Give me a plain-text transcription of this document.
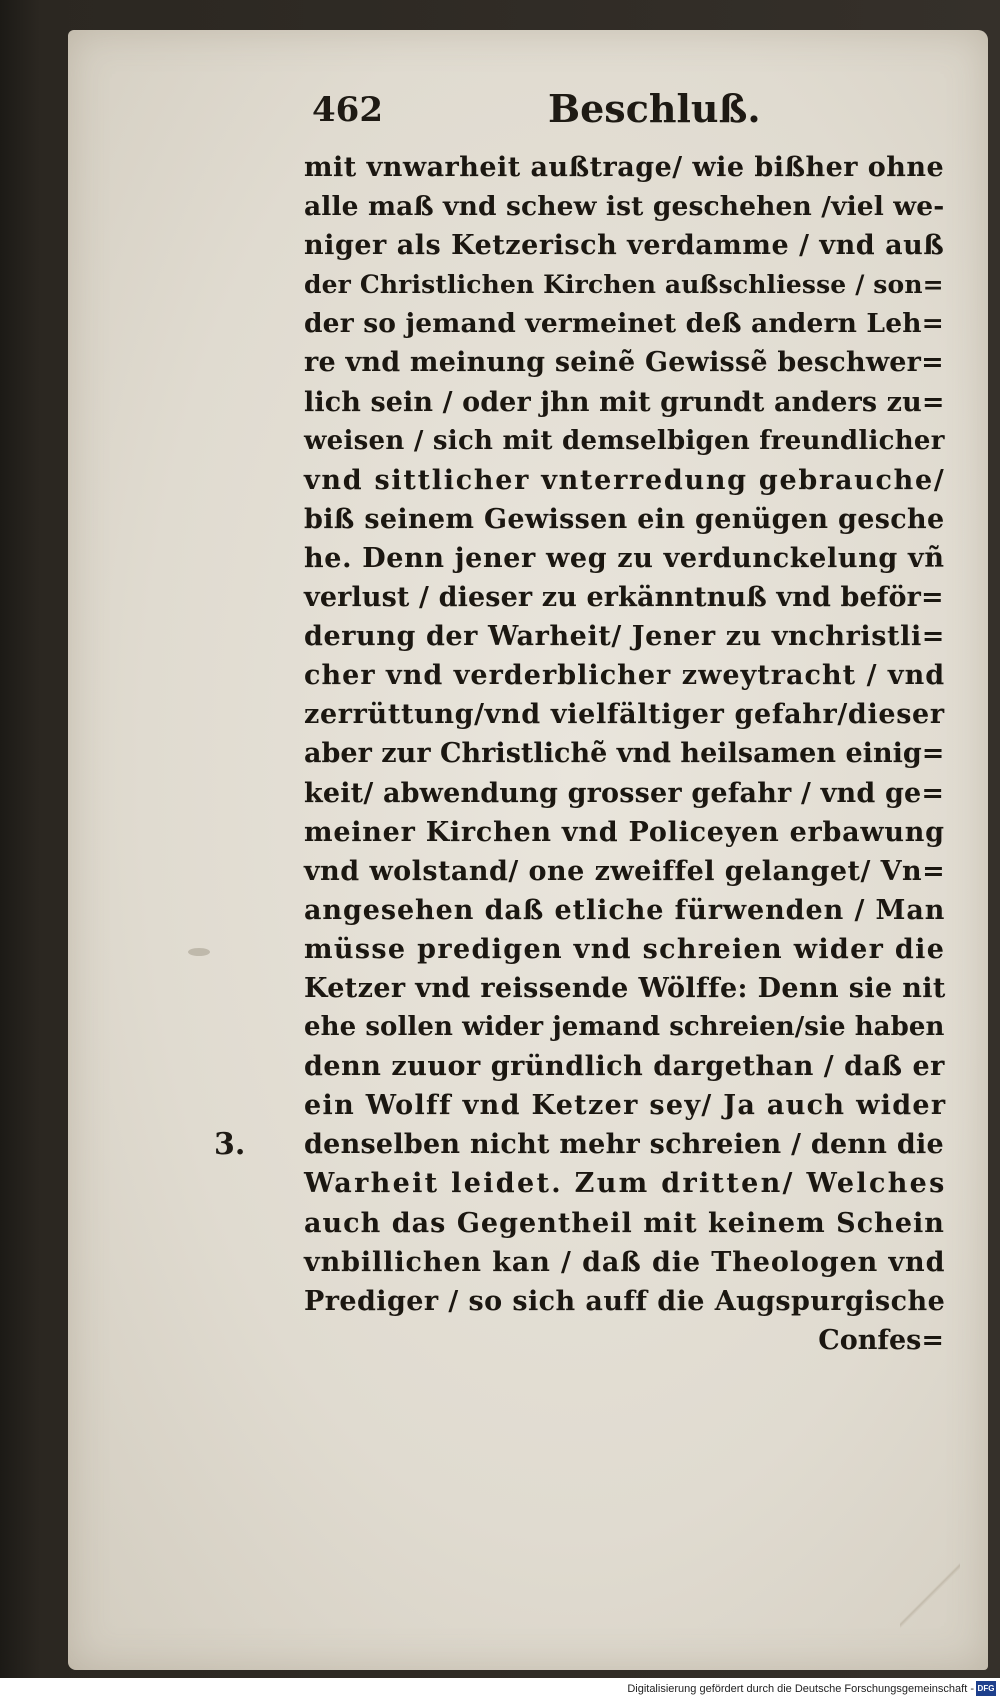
462	Beschluß.
mit vnwarheit außtrage/ wie bißher ohne
alle maß vnd schew ist geschehen /viel we-
niger als Ketzerisch verdamme / vnd auß
der Christlichen Kirchen außschliesse / son=
der so jemand vermeinet deß andern Leh=
re vnd meinung seinẽ Gewissẽ beschwer=
lich sein / oder jhn mit grundt anders zu=
weisen / sich mit demselbigen freundlicher
vnd sittlicher vnterredung gebrauche/
biß seinem Gewissen ein genügen gesche
he. Denn jener weg zu verdunckelung vñ
verlust / dieser zu erkänntnuß vnd beför=
derung der Warheit/ Jener zu vnchristli=
cher vnd verderblicher zweytracht / vnd
zerrüttung/vnd vielfältiger gefahr/dieser
aber zur Christlichẽ vnd heilsamen einig=
keit/ abwendung grosser gefahr / vnd ge=
meiner Kirchen vnd Policeyen erbawung
vnd wolstand/ one zweiffel gelanget/ Vn=
angesehen daß etliche fürwenden / Man
müsse predigen vnd schreien wider die
Ketzer vnd reissende Wölffe: Denn sie nit
ehe sollen wider jemand schreien/sie haben
denn zuuor gründlich dargethan / daß er
ein Wolff vnd Ketzer sey/ Ja auch wider
denselben nicht mehr schreien / denn die
Warheit leidet. Zum dritten/ Welches
auch das Gegentheil mit keinem Schein
vnbillichen kan / daß die Theologen vnd
Prediger / so sich auff die Augspurgische
Confes=
3.
Digitalisierung gefördert durch die Deutsche Forschungsgemeinschaft - DFG
